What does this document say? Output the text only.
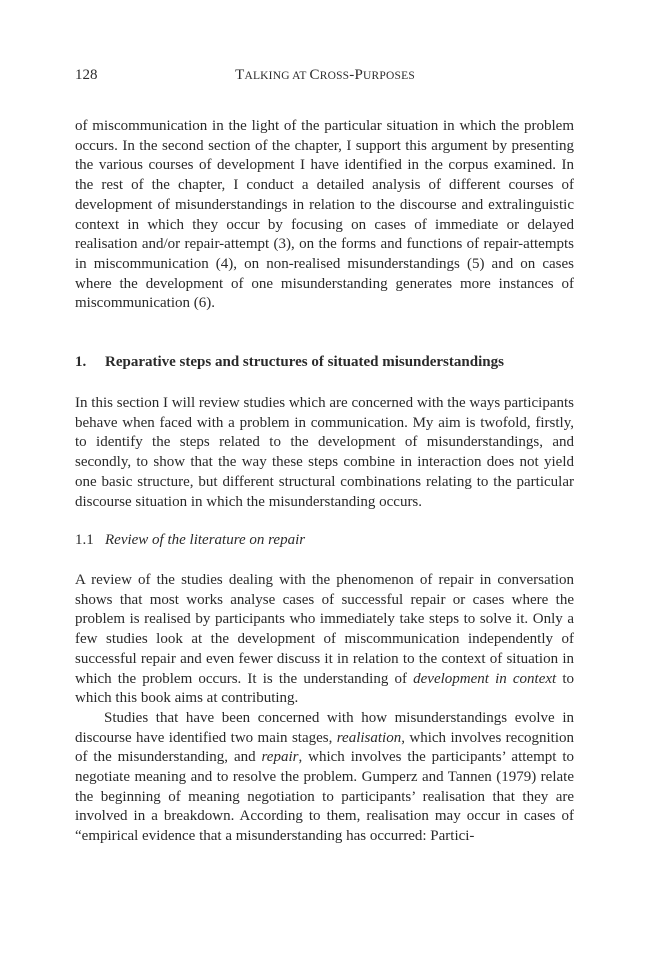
128	TALKING AT CROSS-PURPOSES

of miscommunication in the light of the particular situation in which the problem occurs. In the second section of the chapter, I support this argument by presenting the various courses of development I have identified in the corpus examined. In the rest of the chapter, I conduct a detailed analysis of different courses of development of misunderstandings in relation to the discourse and extralinguistic context in which they occur by focusing on cases of immediate or delayed realisation and/or repair-attempt (3), on the forms and functions of repair-attempts in miscommunication (4), on non-realised misunderstandings (5) and on cases where the development of one misunderstanding generates more instances of miscommunication (6).

1. Reparative steps and structures of situated misunderstandings

In this section I will review studies which are concerned with the ways participants behave when faced with a problem in communication. My aim is twofold, firstly, to identify the steps related to the development of misunderstandings, and secondly, to show that the way these steps combine in interaction does not yield one basic structure, but different structural combinations relating to the particular discourse situation in which the misunderstanding occurs.

1.1 Review of the literature on repair

A review of the studies dealing with the phenomenon of repair in conversation shows that most works analyse cases of successful repair or cases where the problem is realised by participants who immediately take steps to solve it. Only a few studies look at the development of miscommunication independently of successful repair and even fewer discuss it in relation to the context of situation in which the problem occurs. It is the understanding of development in context to which this book aims at contributing.

Studies that have been concerned with how misunderstandings evolve in discourse have identified two main stages, realisation, which involves recognition of the misunderstanding, and repair, which involves the participants’ attempt to negotiate meaning and to resolve the problem. Gumperz and Tannen (1979) relate the beginning of meaning negotiation to participants’ realisation that they are involved in a breakdown. According to them, realisation may occur in cases of “empirical evidence that a misunderstanding has occurred: Partici-
